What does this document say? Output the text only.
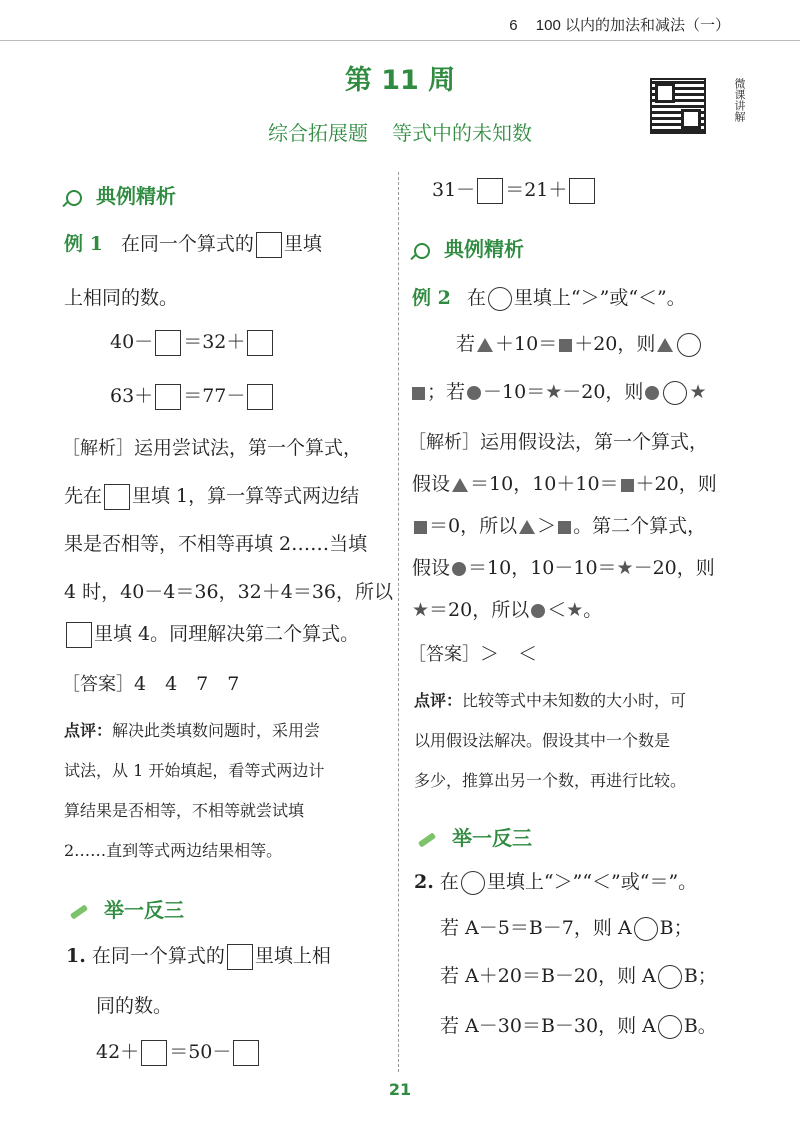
6 100 以内的加法和减法（一）
第 11 周
综合拓展题 等式中的未知数
微课讲解
典例精析
例 1 在同一个算式的 里填
上相同的数。
40－ ＝32＋
63＋ ＝77－
［解析］运用尝试法，第一个算式，
先在 里填 1，算一算等式两边结
果是否相等，不相等再填 2……当填
4 时，40－4＝36，32＋4＝36，所以
里填 4。同理解决第二个算式。
［答案］4　4　7　7
点评：解决此类填数问题时，采用尝
试法，从 1 开始填起，看等式两边计
算结果是否相等，不相等就尝试填
2……直到等式两边结果相等。
举一反三
1. 在同一个算式的 里填上相
同的数。
42＋ ＝50－
31－ ＝21＋
典例精析
例 2 在 里填上“＞”或“＜”。
若 ＋10＝ ＋20，则
；若 －10＝★－20，则 ★
［解析］运用假设法，第一个算式，
假设 ＝10，10＋10＝ ＋20，则
＝0，所以 ＞ 。第二个算式，
假设 ＝10，10－10＝★－20，则
★＝20，所以 ＜★。
［答案］＞　＜
点评：比较等式中未知数的大小时，可
以用假设法解决。假设其中一个数是
多少，推算出另一个数，再进行比较。
举一反三
2. 在 里填上“＞”“＜”或“＝”。
若 A－5＝B－7，则 A B；
若 A＋20＝B－20，则 A B；
若 A－30＝B－30，则 A B。
21
